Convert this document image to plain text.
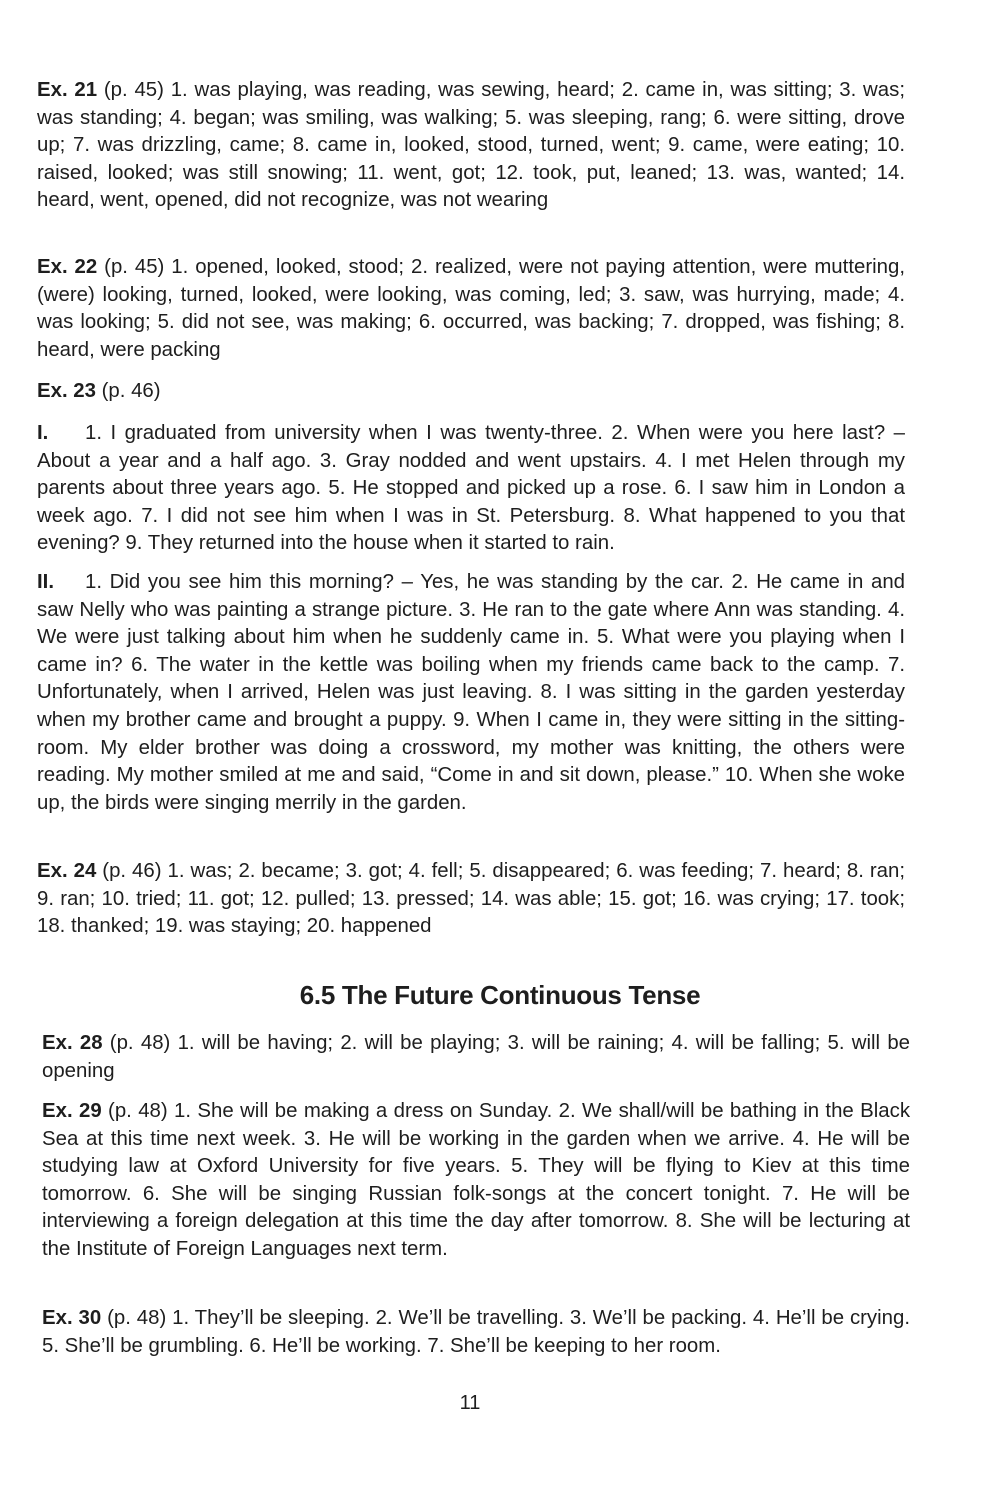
Ex. 21 (p. 45) 1. was playing, was reading, was sewing, heard; 2. came in, was sitting; 3. was; was standing; 4. began; was smiling, was walking; 5. was sleeping, rang; 6. were sitting, drove up; 7. was drizzling, came; 8. came in, looked, stood, turned, went; 9. came, were eating; 10. raised, looked; was still snowing; 11. went, got; 12. took, put, leaned; 13. was, wanted; 14. heard, went, opened, did not recognize, was not wearing

Ex. 22 (p. 45) 1. opened, looked, stood; 2. realized, were not paying attention, were muttering, (were) looking, turned, looked, were looking, was coming, led; 3. saw, was hurrying, made; 4. was looking; 5. did not see, was making; 6. occurred, was backing; 7. dropped, was fishing; 8. heard, were packing

Ex. 23 (p. 46)

I. 1. I graduated from university when I was twenty-three. 2. When were you here last? – About a year and a half ago. 3. Gray nodded and went upstairs. 4. I met Helen through my parents about three years ago. 5. He stopped and picked up a rose. 6. I saw him in London a week ago. 7. I did not see him when I was in St. Petersburg. 8. What happened to you that evening? 9. They returned into the house when it started to rain.

II. 1. Did you see him this morning? – Yes, he was standing by the car. 2. He came in and saw Nelly who was painting a strange picture. 3. He ran to the gate where Ann was standing. 4. We were just talking about him when he suddenly came in. 5. What were you playing when I came in? 6. The water in the kettle was boiling when my friends came back to the camp. 7. Unfortunately, when I arrived, Helen was just leaving. 8. I was sitting in the garden yesterday when my brother came and brought a puppy. 9. When I came in, they were sitting in the sitting-room. My elder brother was doing a crossword, my mother was knitting, the others were reading. My mother smiled at me and said, “Come in and sit down, please.” 10. When she woke up, the birds were singing merrily in the garden.

Ex. 24 (p. 46) 1. was; 2. became; 3. got; 4. fell; 5. disappeared; 6. was feeding; 7. heard; 8. ran; 9. ran; 10. tried; 11. got; 12. pulled; 13. pressed; 14. was able; 15. got; 16. was crying; 17. took; 18. thanked; 19. was staying; 20. happened

6.5 The Future Continuous Tense

Ex. 28 (p. 48) 1. will be having; 2. will be playing; 3. will be raining; 4. will be falling; 5. will be opening

Ex. 29 (p. 48) 1. She will be making a dress on Sunday. 2. We shall/will be bathing in the Black Sea at this time next week. 3. He will be working in the garden when we arrive. 4. He will be studying law at Oxford University for five years. 5. They will be flying to Kiev at this time tomorrow. 6. She will be singing Russian folk-songs at the concert tonight. 7. He will be interviewing a foreign delegation at this time the day after tomorrow. 8. She will be lecturing at the Institute of Foreign Languages next term.

Ex. 30 (p. 48) 1. They’ll be sleeping. 2. We’ll be travelling. 3. We’ll be packing. 4. He’ll be crying. 5. She’ll be grumbling. 6. He’ll be working. 7. She’ll be keeping to her room.

11
